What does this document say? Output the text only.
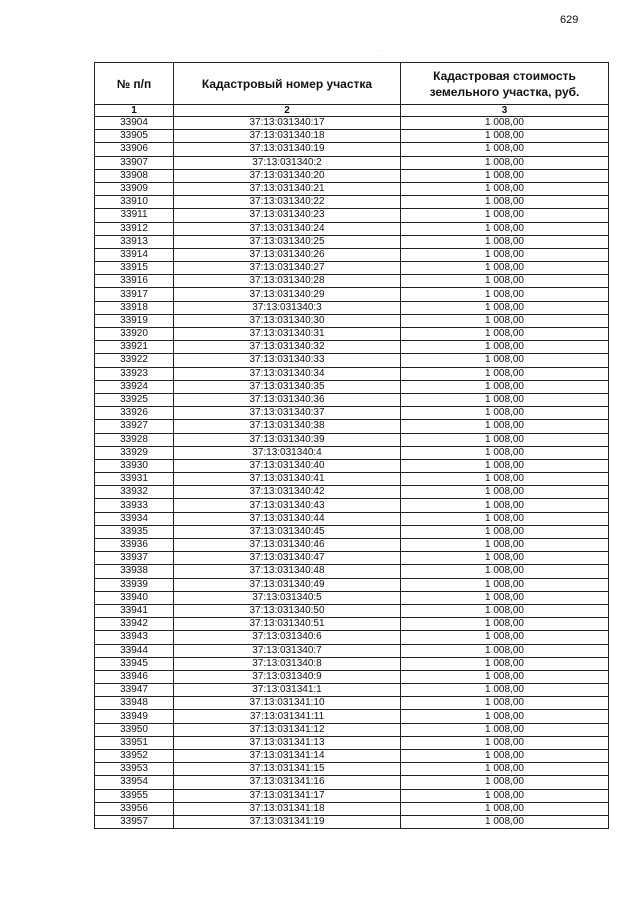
629
·
№ п/п	Кадастровый номер участка	Кадастровая стоимость земельного участка, руб.
1	2	3
33904	37:13:031340:17	1 008,00
33905	37:13:031340:18	1 008,00
33906	37:13:031340:19	1 008,00
33907	37:13:031340:2	1 008,00
33908	37:13:031340:20	1 008,00
33909	37:13:031340:21	1 008,00
33910	37:13:031340:22	1 008,00
33911	37:13:031340:23	1 008,00
33912	37:13:031340:24	1 008,00
33913	37:13:031340:25	1 008,00
33914	37:13:031340:26	1 008,00
33915	37:13:031340:27	1 008,00
33916	37:13:031340:28	1 008,00
33917	37:13:031340:29	1 008,00
33918	37:13:031340:3	1 008,00
33919	37:13:031340:30	1 008,00
33920	37:13:031340:31	1 008,00
33921	37:13:031340:32	1 008,00
33922	37:13:031340:33	1 008,00
33923	37:13:031340:34	1 008,00
33924	37:13:031340:35	1 008,00
33925	37:13:031340:36	1 008,00
33926	37:13:031340:37	1 008,00
33927	37:13:031340:38	1 008,00
33928	37:13:031340:39	1 008,00
33929	37:13:031340:4	1 008,00
33930	37:13:031340:40	1 008,00
33931	37:13:031340:41	1 008,00
33932	37:13:031340:42	1 008,00
33933	37:13:031340:43	1 008,00
33934	37:13:031340:44	1 008,00
33935	37:13:031340:45	1 008,00
33936	37:13:031340:46	1 008,00
33937	37:13:031340:47	1 008,00
33938	37:13:031340:48	1 008,00
33939	37:13:031340:49	1 008,00
33940	37:13:031340:5	1 008,00
33941	37:13:031340:50	1 008,00
33942	37:13:031340:51	1 008,00
33943	37:13:031340:6	1 008,00
33944	37:13:031340:7	1 008,00
33945	37:13:031340:8	1 008,00
33946	37:13:031340:9	1 008,00
33947	37:13:031341:1	1 008,00
33948	37:13:031341:10	1 008,00
33949	37:13:031341:11	1 008,00
33950	37:13:031341:12	1 008,00
33951	37:13:031341:13	1 008,00
33952	37:13:031341:14	1 008,00
33953	37:13:031341:15	1 008,00
33954	37:13:031341:16	1 008,00
33955	37:13:031341:17	1 008,00
33956	37:13:031341:18	1 008,00
33957	37:13:031341:19	1 008,00
